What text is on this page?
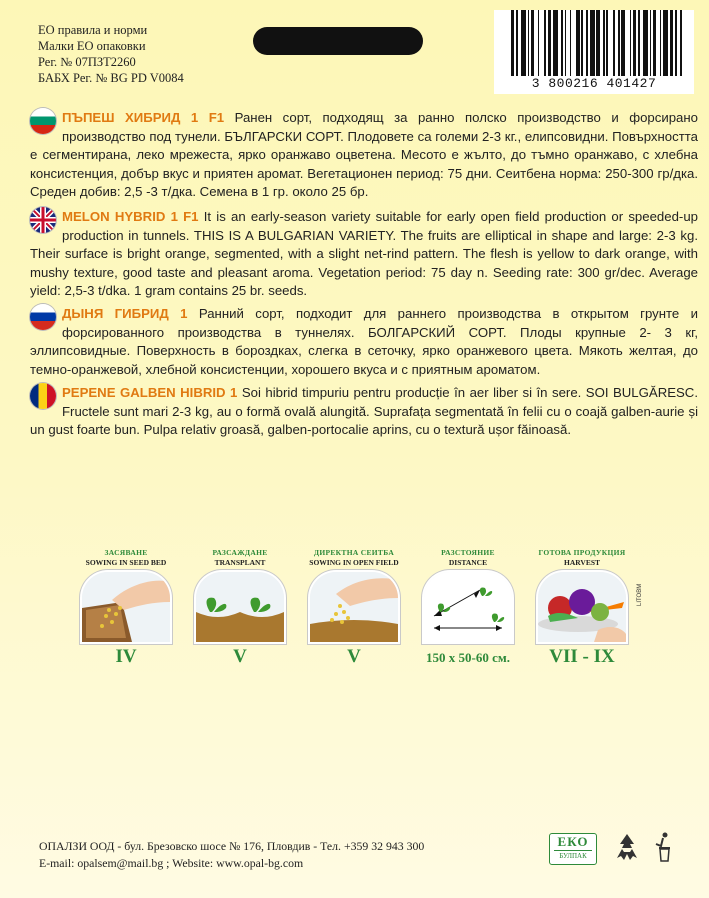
ЕО правила и норми
Малки ЕО опаковки
Рег. № 07ПЗТ2260
БАБХ Рег. № BG PD V0084	3 800216 401427
ПЪПЕШ ХИБРИД 1 F1 Ранен сорт, подходящ за ранно полско производство и форсирано производство под тунели. БЪЛГАРСКИ СОРТ. Плодовете са големи 2-3 кг., елипсовидни. Повърхността е сегментирана, леко мрежеста, ярко оранжаво оцветена. Месото е жълто, до тъмно оранжаво, с хлебна консистенция, добър вкус и приятен аромат. Вегетационен период: 75 дни. Сеитбена норма: 250-300 гр/дка. Среден добив: 2,5 -3 т/дка. Семена в 1 гр. около 25 бр.
MELON HYBRID 1 F1 It is an early-season variety suitable for early open field production or speeded-up production in tunnels. THIS IS A BULGARIAN VARIETY. The fruits are elliptical in shape and large: 2-3 kg. Their surface is bright orange, segmented, with a slight net-rind pattern. The flesh is yellow to dark orange, with mushy texture, good taste and pleasant aroma. Vegetation period: 75 day n. Seeding rate: 300 gr/dec. Average yield: 2,5-3 t/dka. 1 gram contains 25 br. seeds.
ДЫНЯ ГИБРИД 1 Ранний сорт, подходит для раннего производства в открытом грунте и форсированного производства в туннелях. БОЛГАРСКИЙ СОРТ. Плоды крупные 2- 3 кг, эллипсовидные. Поверхность в бороздках, слегка в сеточку, ярко оранжевого цвета. Мякоть желтая, до темно-оранжевой, хлебной консистенции, хорошего вкуса и с приятным ароматом.
PEPENE GALBEN HIBRID 1 Soi hibrid timpuriu pentru producție în aer liber si în sere. SOI BULGĂRESC. Fructele sunt mari 2-3 kg, au o formă ovală alungită. Suprafața segmentată în felii cu o coajă galben-aurie și un gust foarte bun. Pulpa relativ groasă, galben-portocalie aprins, cu o textură ușor făinoasă.
ЗАСЯВАНЕ
SOWING IN SEED BED
IV
РАЗСАЖДАНЕ
TRANSPLANT
V
ДИРЕКТНА СЕИТБА
SOWING IN OPEN FIELD
V
РАЗСТОЯНИЕ
DISTANCE
150 x 50-60 см.
ГОТОВА ПРОДУКЦИЯ
HARVEST
VII - IX
LITOBM
ОПАЛЗИ ООД - бул. Брезовско шосе № 176, Пловдив - Тел. +359 32 943 300
E-mail: opalsem@mail.bg ; Website: www.opal-bg.com
ЕКО
БУЛПАК
